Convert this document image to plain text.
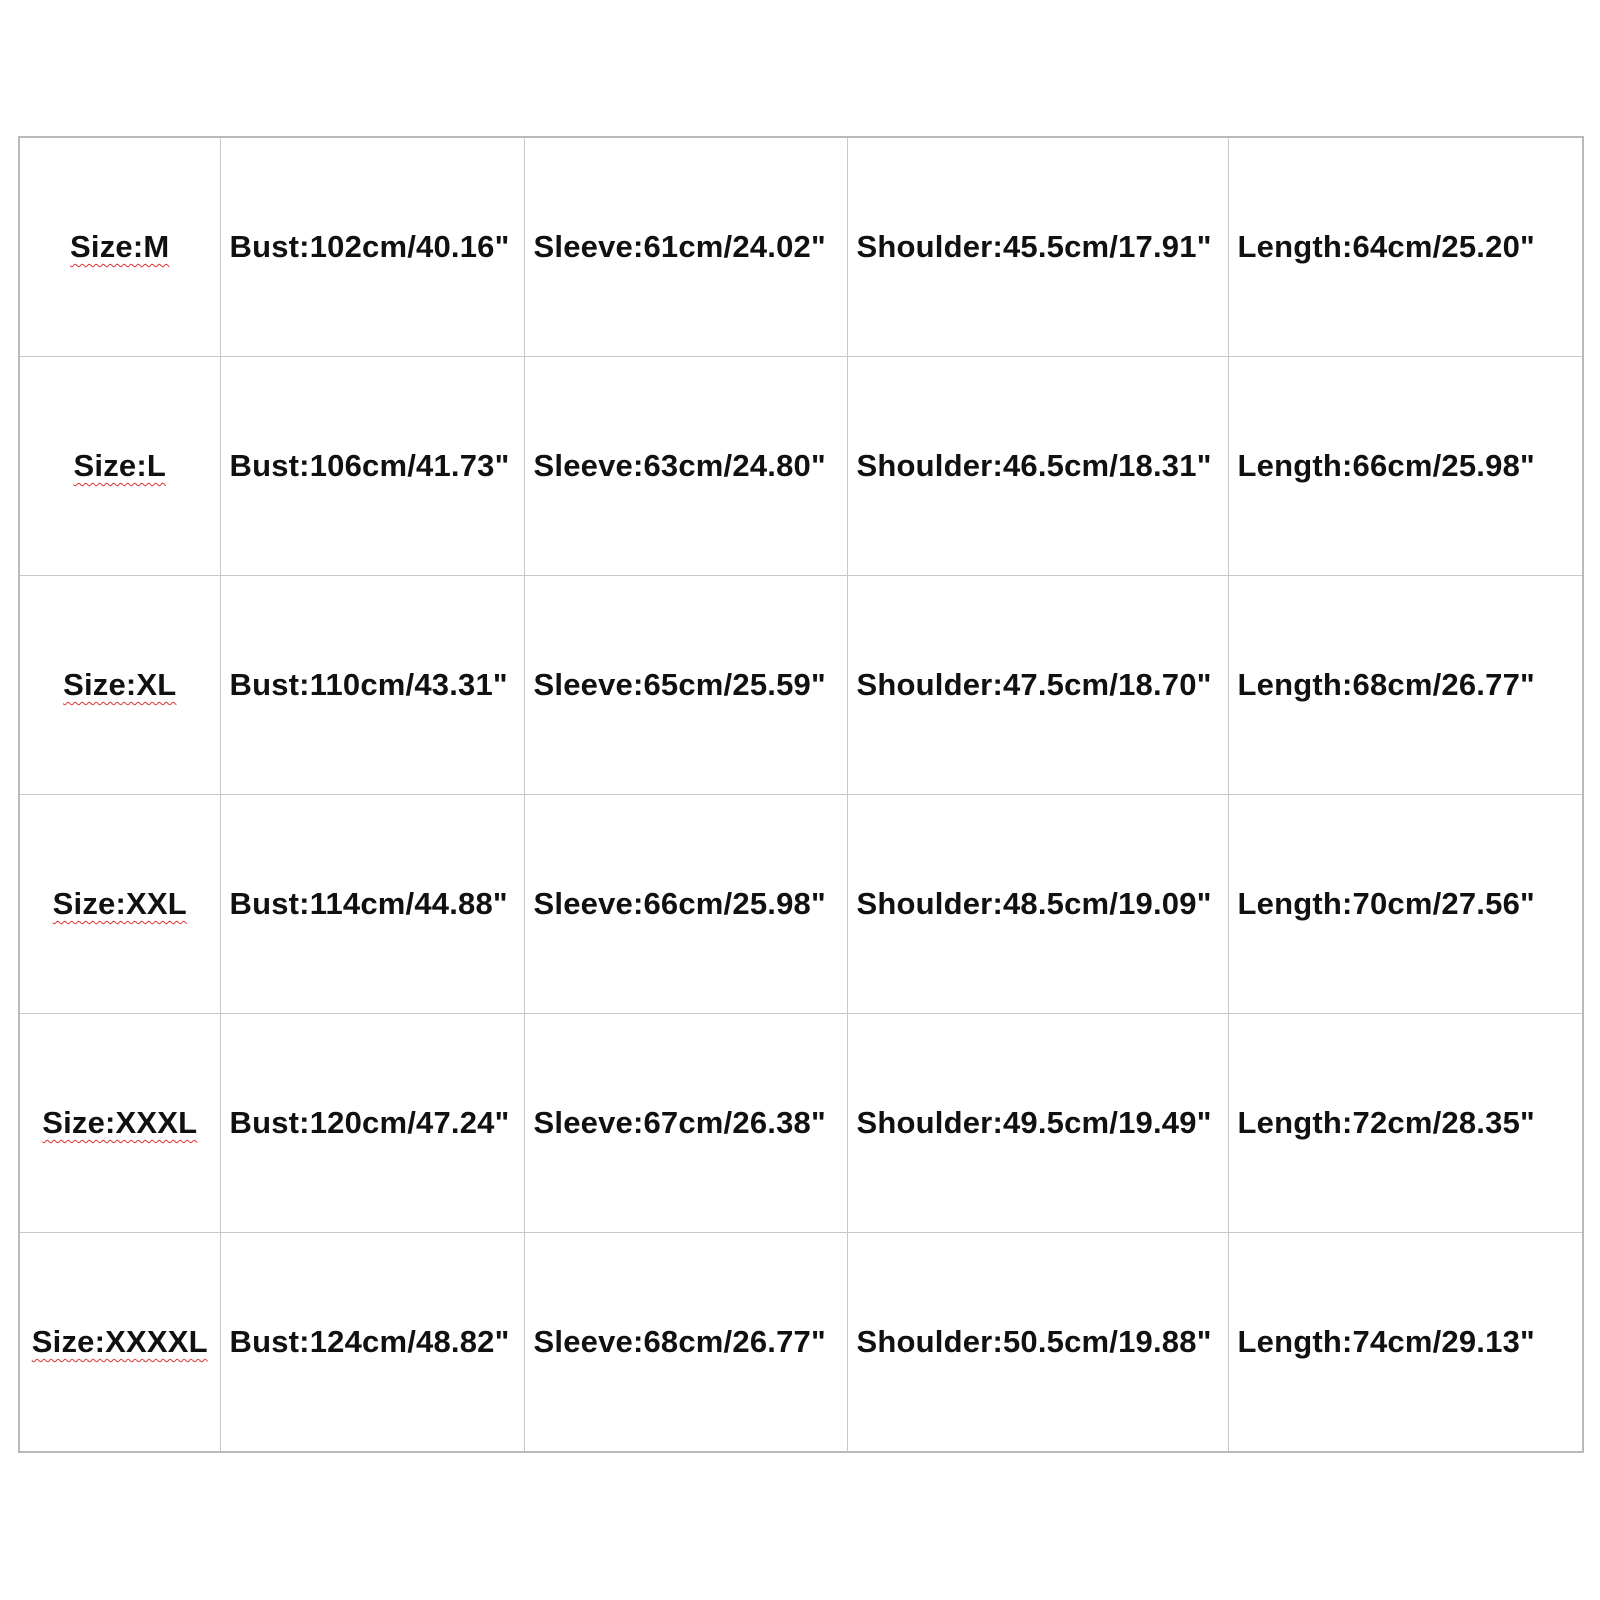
Size:M	Bust:102cm/40.16"	Sleeve:61cm/24.02"	Shoulder:45.5cm/17.91"	Length:64cm/25.20"
Size:L	Bust:106cm/41.73"	Sleeve:63cm/24.80"	Shoulder:46.5cm/18.31"	Length:66cm/25.98"
Size:XL	Bust:110cm/43.31"	Sleeve:65cm/25.59"	Shoulder:47.5cm/18.70"	Length:68cm/26.77"
Size:XXL	Bust:114cm/44.88"	Sleeve:66cm/25.98"	Shoulder:48.5cm/19.09"	Length:70cm/27.56"
Size:XXXL	Bust:120cm/47.24"	Sleeve:67cm/26.38"	Shoulder:49.5cm/19.49"	Length:72cm/28.35"
Size:XXXXL	Bust:124cm/48.82"	Sleeve:68cm/26.77"	Shoulder:50.5cm/19.88"	Length:74cm/29.13"
